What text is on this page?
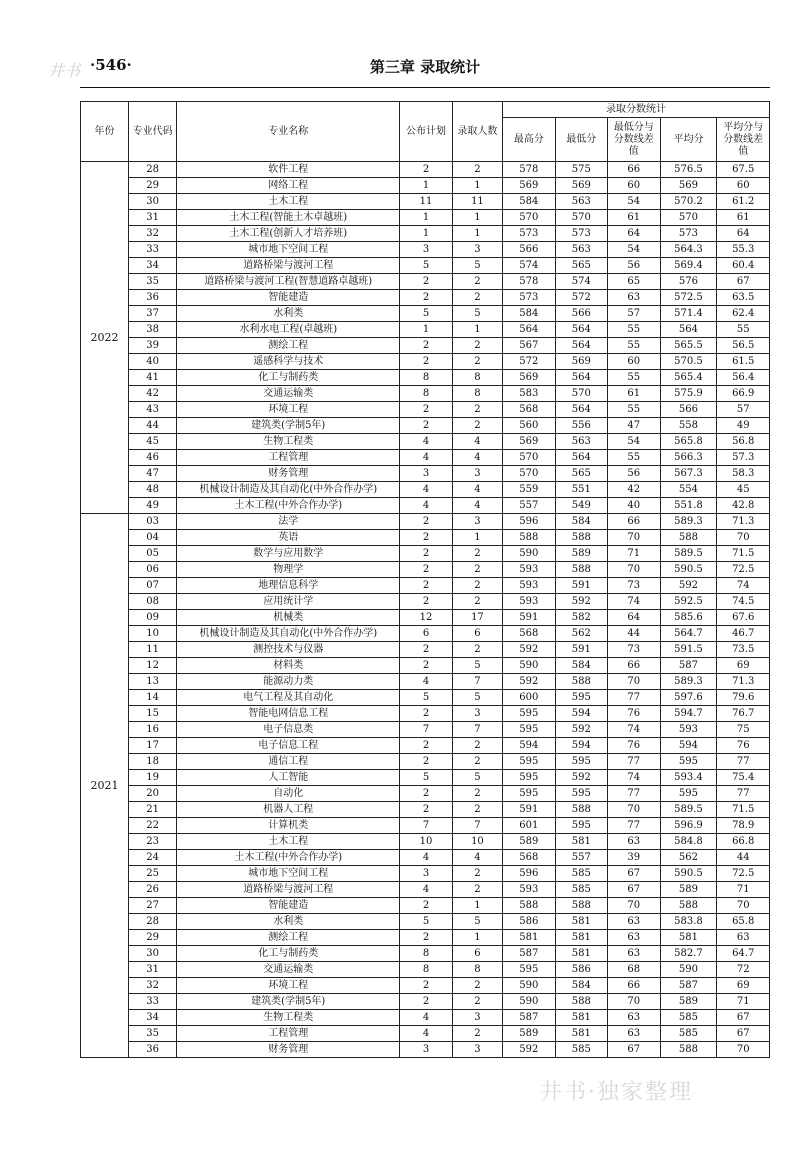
井书 ·546·	第三章 录取统计
年份	专业代码	专业名称	公布计划	录取人数	录取分数统计				
					最高分	最低分	最低分与分数线差值	平均分	平均分与分数线差值
2022	28	软件工程	2	2	578	575	66	576.5	67.5
	29	网络工程	1	1	569	569	60	569	60
	30	土木工程	11	11	584	563	54	570.2	61.2
	31	土木工程(智能土木卓越班)	1	1	570	570	61	570	61
	32	土木工程(创新人才培养班)	1	1	573	573	64	573	64
	33	城市地下空间工程	3	3	566	563	54	564.3	55.3
	34	道路桥梁与渡河工程	5	5	574	565	56	569.4	60.4
	35	道路桥梁与渡河工程(智慧道路卓越班)	2	2	578	574	65	576	67
	36	智能建造	2	2	573	572	63	572.5	63.5
	37	水利类	5	5	584	566	57	571.4	62.4
	38	水利水电工程(卓越班)	1	1	564	564	55	564	55
	39	测绘工程	2	2	567	564	55	565.5	56.5
	40	遥感科学与技术	2	2	572	569	60	570.5	61.5
	41	化工与制药类	8	8	569	564	55	565.4	56.4
	42	交通运输类	8	8	583	570	61	575.9	66.9
	43	环境工程	2	2	568	564	55	566	57
	44	建筑类(学制5年)	2	2	560	556	47	558	49
	45	生物工程类	4	4	569	563	54	565.8	56.8
	46	工程管理	4	4	570	564	55	566.3	57.3
	47	财务管理	3	3	570	565	56	567.3	58.3
	48	机械设计制造及其自动化(中外合作办学)	4	4	559	551	42	554	45
	49	土木工程(中外合作办学)	4	4	557	549	40	551.8	42.8
2021	03	法学	2	3	596	584	66	589.3	71.3
	04	英语	2	1	588	588	70	588	70
	05	数学与应用数学	2	2	590	589	71	589.5	71.5
	06	物理学	2	2	593	588	70	590.5	72.5
	07	地理信息科学	2	2	593	591	73	592	74
	08	应用统计学	2	2	593	592	74	592.5	74.5
	09	机械类	12	17	591	582	64	585.6	67.6
	10	机械设计制造及其自动化(中外合作办学)	6	6	568	562	44	564.7	46.7
	11	测控技术与仪器	2	2	592	591	73	591.5	73.5
	12	材料类	2	5	590	584	66	587	69
	13	能源动力类	4	7	592	588	70	589.3	71.3
	14	电气工程及其自动化	5	5	600	595	77	597.6	79.6
	15	智能电网信息工程	2	3	595	594	76	594.7	76.7
	16	电子信息类	7	7	595	592	74	593	75
	17	电子信息工程	2	2	594	594	76	594	76
	18	通信工程	2	2	595	595	77	595	77
	19	人工智能	5	5	595	592	74	593.4	75.4
	20	自动化	2	2	595	595	77	595	77
	21	机器人工程	2	2	591	588	70	589.5	71.5
	22	计算机类	7	7	601	595	77	596.9	78.9
	23	土木工程	10	10	589	581	63	584.8	66.8
	24	土木工程(中外合作办学)	4	4	568	557	39	562	44
	25	城市地下空间工程	3	2	596	585	67	590.5	72.5
	26	道路桥梁与渡河工程	4	2	593	585	67	589	71
	27	智能建造	2	1	588	588	70	588	70
	28	水利类	5	5	586	581	63	583.8	65.8
	29	测绘工程	2	1	581	581	63	581	63
	30	化工与制药类	8	6	587	581	63	582.7	64.7
	31	交通运输类	8	8	595	586	68	590	72
	32	环境工程	2	2	590	584	66	587	69
	33	建筑类(学制5年)	2	2	590	588	70	589	71
	34	生物工程类	4	3	587	581	63	585	67
	35	工程管理	4	2	589	581	63	585	67
	36	财务管理	3	3	592	585	67	588	70
井书·独家整理
